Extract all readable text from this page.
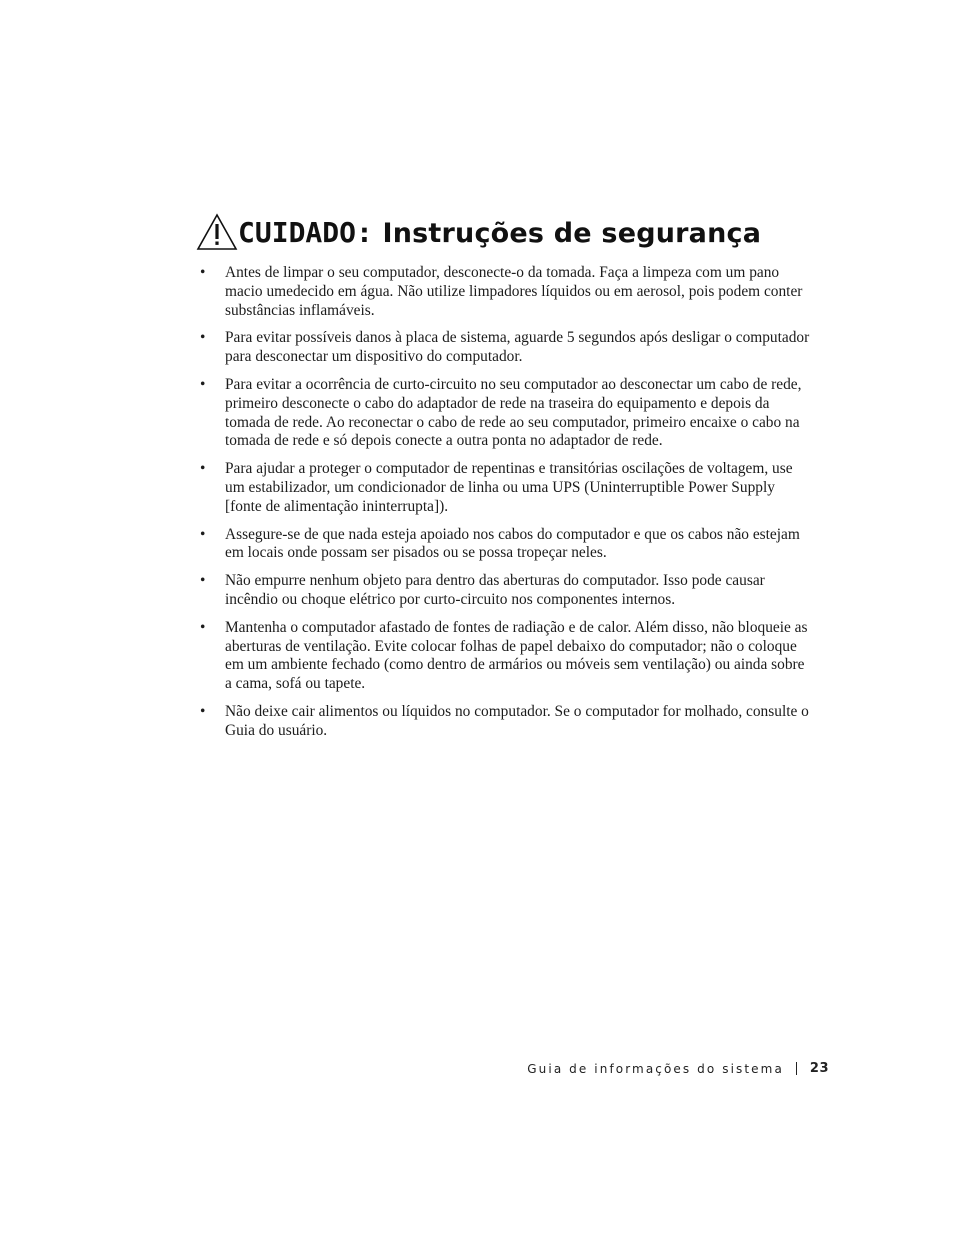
CUIDADO: Instruções de segurança
•	Antes de limpar o seu computador, desconecte-o da tomada. Faça a limpeza com um pano macio umedecido em água. Não utilize limpadores líquidos ou em aerosol, pois podem conter substâncias inflamáveis.
•	Para evitar possíveis danos à placa de sistema, aguarde 5 segundos após desligar o computador para desconectar um dispositivo do computador.
•	Para evitar a ocorrência de curto-circuito no seu computador ao desconectar um cabo de rede, primeiro desconecte o cabo do adaptador de rede na traseira do equipamento e depois da tomada de rede. Ao reconectar o cabo de rede ao seu computador, primeiro encaixe o cabo na tomada de rede e só depois conecte a outra ponta no adaptador de rede.
•	Para ajudar a proteger o computador de repentinas e transitórias oscilações de voltagem, use um estabilizador, um condicionador de linha ou uma UPS (Uninterruptible Power Supply [fonte de alimentação ininterrupta]).
•	Assegure-se de que nada esteja apoiado nos cabos do computador e que os cabos não estejam em locais onde possam ser pisados ou se possa tropeçar neles.
•	Não empurre nenhum objeto para dentro das aberturas do computador. Isso pode causar incêndio ou choque elétrico por curto-circuito nos componentes internos.
•	Mantenha o computador afastado de fontes de radiação e de calor. Além disso, não bloqueie as aberturas de ventilação. Evite colocar folhas de papel debaixo do computador; não o coloque em um ambiente fechado (como dentro de armários ou móveis sem ventilação) ou ainda sobre a cama, sofá ou tapete.
•	Não deixe cair alimentos ou líquidos no computador. Se o computador for molhado, consulte o Guia do usuário.
Guia de informações do sistema 23
